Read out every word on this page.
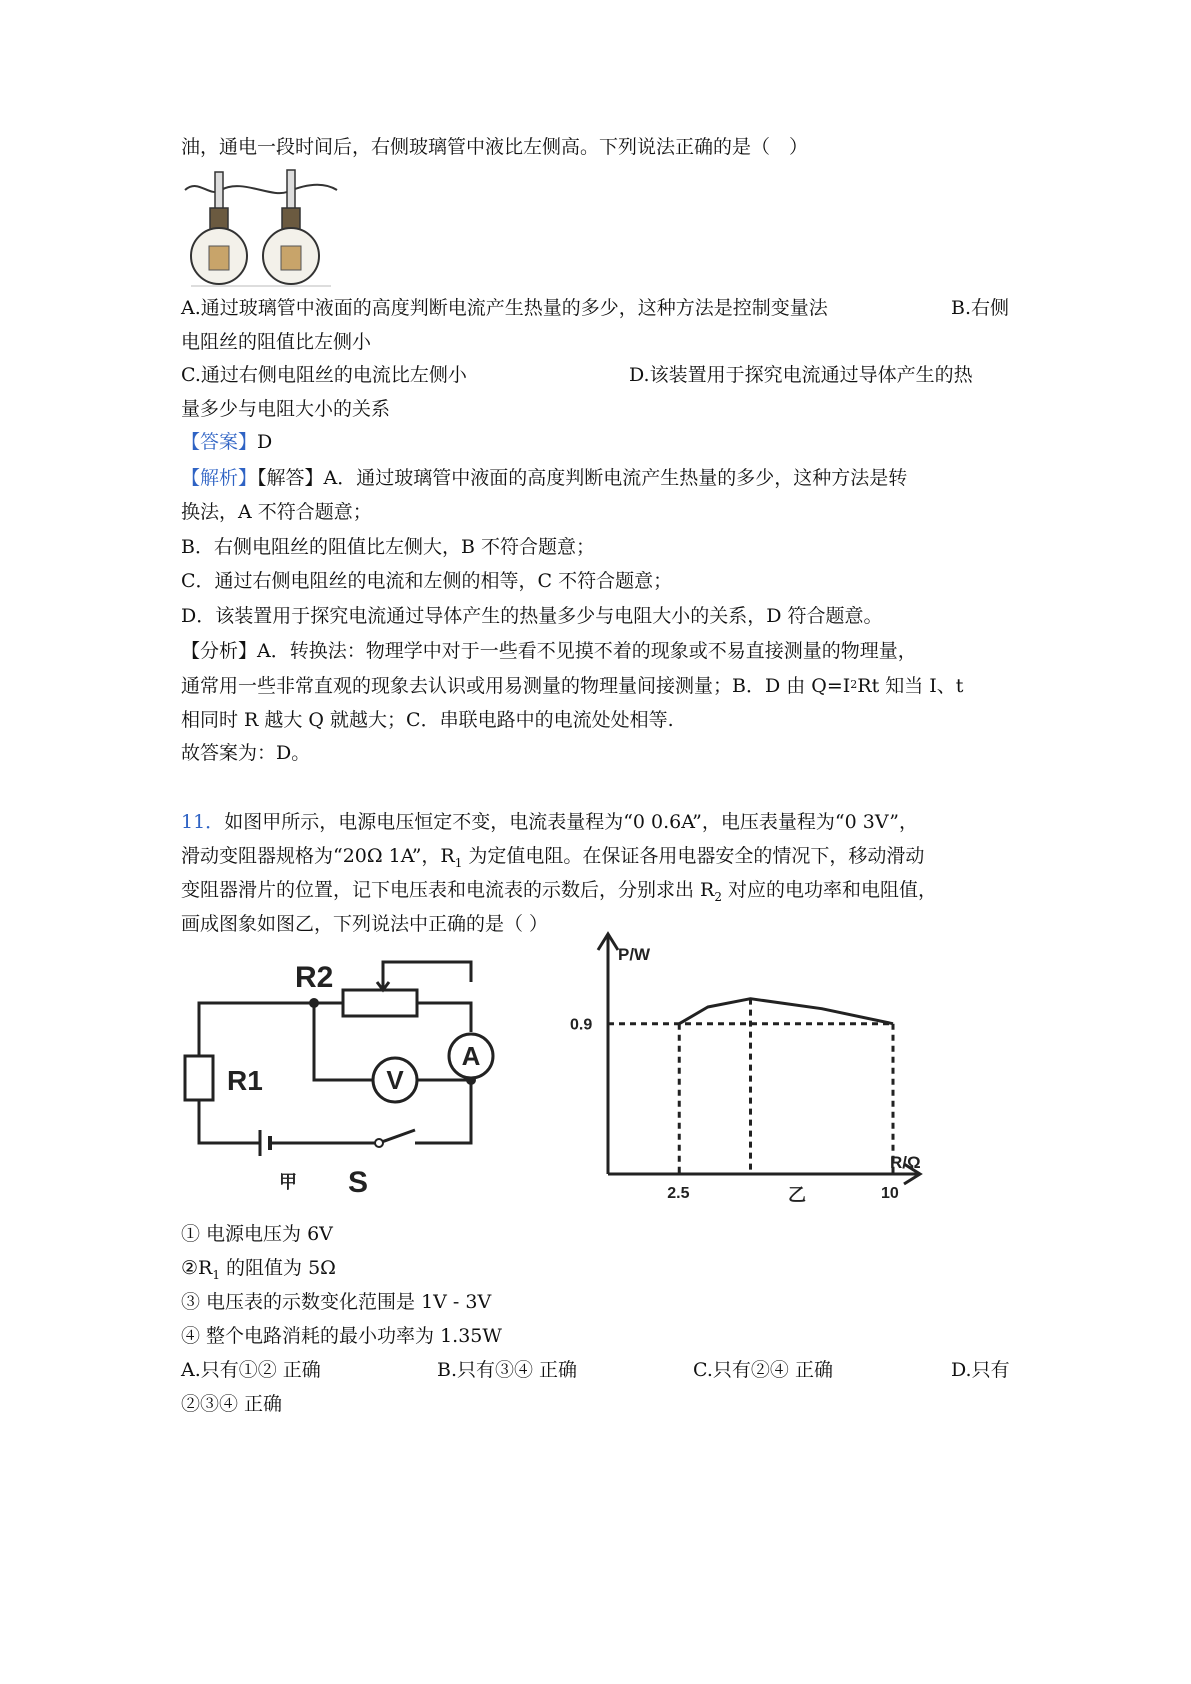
油，通电一段时间后，右侧玻璃管中液比左侧高。下列说法正确的是（　）
A.通过玻璃管中液面的高度判断电流产生热量的多少，这种方法是控制变量法	B.右侧
电阻丝的阻值比左侧小
C.通过右侧电阻丝的电流比左侧小	D.该装置用于探究电流通过导体产生的热
量多少与电阻大小的关系
【答案】D
【解析】【解答】A．通过玻璃管中液面的高度判断电流产生热量的多少，这种方法是转
换法，A 不符合题意；
B．右侧电阻丝的阻值比左侧大，B 不符合题意；
C．通过右侧电阻丝的电流和左侧的相等，C 不符合题意；
D．该装置用于探究电流通过导体产生的热量多少与电阻大小的关系，D 符合题意。
【分析】A．转换法：物理学中对于一些看不见摸不着的现象或不易直接测量的物理量，
通常用一些非常直观的现象去认识或用易测量的物理量间接测量；B．D 由 $Q=I^2Rt$ 知当 I、t
相同时 R 越大 Q 就越大；C．串联电路中的电流处处相等.
故答案为：D。
11．如图甲所示，电源电压恒定不变，电流表量程为“0 0.6A”，电压表量程为“0 3V”，
滑动变阻器规格为“20Ω 1A”，$R_1$ 为定值电阻。在保证各用电器安全的情况下，移动滑动
变阻器滑片的位置，记下电压表和电流表的示数后，分别求出 $R_2$ 对应的电功率和电阻值，
画成图象如图乙，下列说法中正确的是（ ）
A
V
R2
R1
S
甲
P/W
R/Ω
乙
2.5	10
0.9
① 电源电压为 6V
$②R_1$ 的阻值为 5Ω
③ 电压表的示数变化范围是 1V - 3V
④ 整个电路消耗的最小功率为 1.35W
A.只有①② 正确	B.只有③④ 正确	C.只有②④ 正确	D.只有
②③④ 正确
